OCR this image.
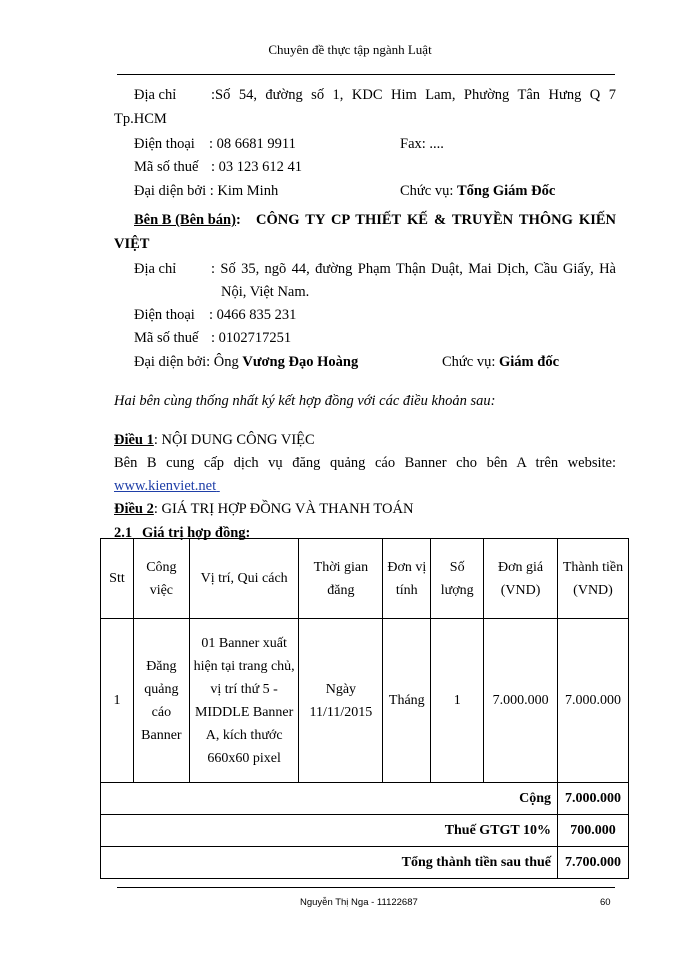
Chuyên đề thực tập ngành Luật
Địa chỉ :Số 54, đường số 1, KDC Him Lam, Phường Tân Hưng Q 7
Tp.HCM
Điện thoại : 08 6681 9911	Fax: ....
Mã số thuế : 03 123 612 41
Đại diện bởi : Kim Minh	Chức vụ: Tổng Giám Đốc
Bên B (Bên bán): CÔNG TY CP THIẾT KẾ & TRUYỀN THÔNG KIẾN
VIỆT
Địa chỉ : Số 35, ngõ 44, đường Phạm Thận Duật, Mai Dịch, Cầu Giấy, Hà
Nội, Việt Nam.
Điện thoại : 0466 835 231
Mã số thuế : 0102717251
Đại diện bởi: Ông Vương Đạo Hoàng	Chức vụ: Giám đốc
Hai bên cùng thống nhất ký kết hợp đồng với các điều khoản sau:
Điều 1: NỘI DUNG CÔNG VIỆC
Bên B cung cấp dịch vụ đăng quảng cáo Banner cho bên A trên website:
www.kienviet.net
Điều 2: GIÁ TRỊ HỢP ĐỒNG VÀ THANH TOÁN
2.1 Giá trị hợp đồng:
Stt	Công việc	Vị trí, Qui cách	Thời gian đăng	Đơn vị tính	Số lượng	Đơn giá (VND)	Thành tiền (VND)
1	Đăng quảng cáo Banner	01 Banner xuất hiện tại trang chủ, vị trí thứ 5 - MIDDLE Banner A, kích thước 660x60 pixel	Ngày 11/11/2015	Tháng	1	7.000.000	7.000.000
Cộng							7.000.000
Thuế GTGT 10%							700.000
Tổng thành tiền sau thuế							7.700.000
Nguyễn Thị Nga - 11122687	60
